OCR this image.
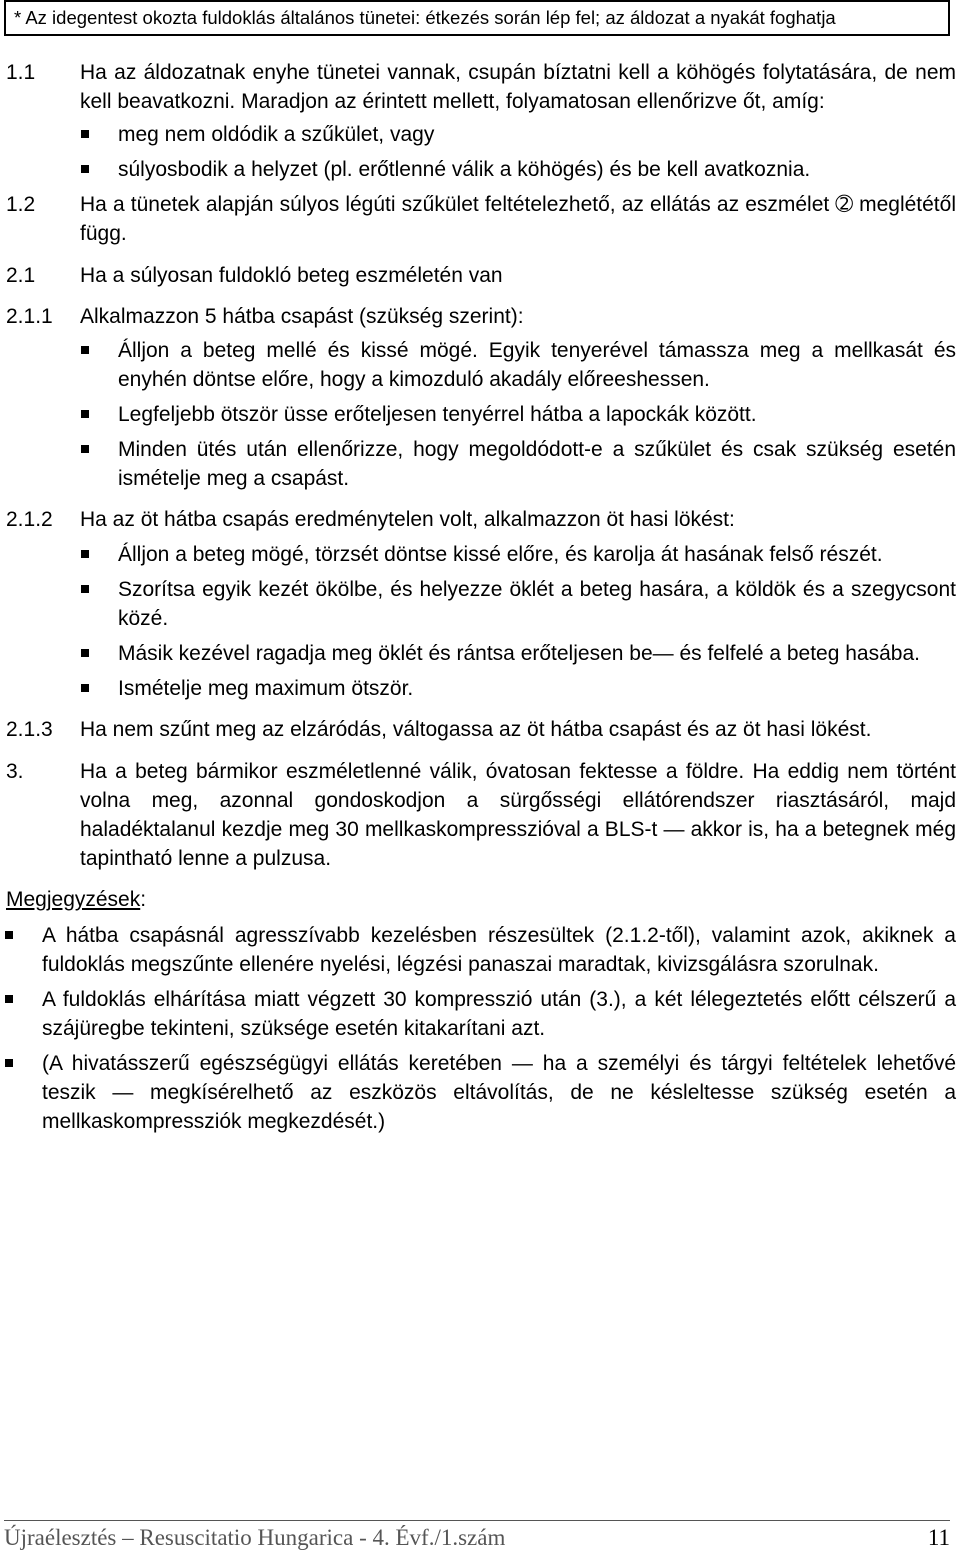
* Az idegentest okozta fuldoklás általános tünetei: étkezés során lép fel; az áldozat a nyakát foghatja
1.1 Ha az áldozatnak enyhe tünetei vannak, csupán bíztatni kell a köhögés folytatására, de nem kell beavatkozni. Maradjon az érintett mellett, folyamatosan ellenőrizve őt, amíg:
meg nem oldódik a szűkület, vagy
súlyosbodik a helyzet (pl. erőtlenné válik a köhögés) és be kell avatkoznia.
1.2 Ha a tünetek alapján súlyos légúti szűkület feltételezhető, az ellátás az eszmélet ➁ meglététől függ.
2.1 Ha a súlyosan fuldokló beteg eszméletén van
2.1.1 Alkalmazzon 5 hátba csapást (szükség szerint):
Álljon a beteg mellé és kissé mögé. Egyik tenyerével támassza meg a mellkasát és enyhén döntse előre, hogy a kimozduló akadály előreeshessen.
Legfeljebb ötször üsse erőteljesen tenyérrel hátba a lapockák között.
Minden ütés után ellenőrizze, hogy megoldódott-e a szűkület és csak szükség esetén ismételje meg a csapást.
2.1.2 Ha az öt hátba csapás eredménytelen volt, alkalmazzon öt hasi lökést:
Álljon a beteg mögé, törzsét döntse kissé előre, és karolja át hasának felső részét.
Szorítsa egyik kezét ökölbe, és helyezze öklét a beteg hasára, a köldök és a szegycsont közé.
Másik kezével ragadja meg öklét és rántsa erőteljesen be— és felfelé a beteg hasába.
Ismételje meg maximum ötször.
2.1.3 Ha nem szűnt meg az elzáródás, váltogassa az öt hátba csapást és az öt hasi lökést.
3.	Ha a beteg bármikor eszméletlenné válik, óvatosan fektesse a földre. Ha eddig nem történt volna meg, azonnal gondoskodjon a sürgősségi ellátórendszer riasztásáról, majd haladéktalanul kezdje meg 30 mellkaskompresszióval a BLS-t — akkor is, ha a betegnek még tapintható lenne a pulzusa.
Megjegyzések:
A hátba csapásnál agresszívabb kezelésben részesültek (2.1.2-től), valamint azok, akiknek a fuldoklás megszűnte ellenére nyelési, légzési panaszai maradtak, kivizsgálásra szorulnak.
A fuldoklás elhárítása miatt végzett 30 kompresszió után (3.), a két lélegeztetés előtt célszerű a szájüregbe tekinteni, szüksége esetén kitakarítani azt.
(A hivatásszerű egészségügyi ellátás keretében — ha a személyi és tárgyi feltételek lehetővé teszik — megkísérelhető az eszközös eltávolítás, de ne késleltesse szükség esetén a mellkaskompressziók megkezdését.)
Újraélesztés – Resuscitatio Hungarica - 4. Évf./1.szám	11
